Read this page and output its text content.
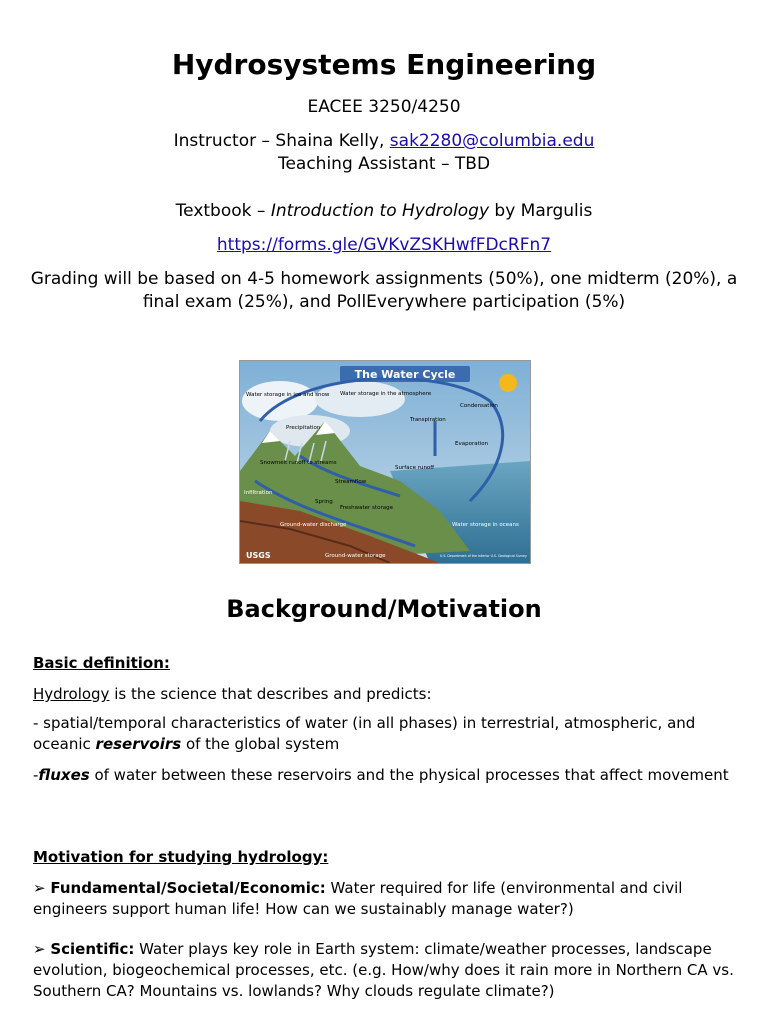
Hydrosystems Engineering
EACEE 3250/4250
Instructor – Shaina Kelly, sak2280@columbia.edu
Teaching Assistant – TBD
Textbook – Introduction to Hydrology by Margulis
https://forms.gle/GVKvZSKHwfFDcRFn7
Grading will be based on 4-5 homework assignments (50%), one midterm (20%), a final exam (25%), and PollEverywhere participation (5%)
The Water Cycle
Water storage in ice and snow Water storage in the atmosphere
Condensation
Transpiration
Precipitation
Evaporation
Snowmelt runoff to streams
Surface runoff
Streamflow
Infiltration
Spring
Freshwater storage
Ground-water discharge	Water storage in oceans
Ground-water storage
USGS	U.S. Department of the Interior U.S. Geological Survey
Background/Motivation
Basic definition:
Hydrology is the science that describes and predicts:
- spatial/temporal characteristics of water (in all phases) in terrestrial, atmospheric, and oceanic reservoirs of the global system
-fluxes of water between these reservoirs and the physical processes that affect movement
Motivation for studying hydrology:
➢ Fundamental/Societal/Economic: Water required for life (environmental and civil engineers support human life! How can we sustainably manage water?)
➢ Scientific: Water plays key role in Earth system: climate/weather processes, landscape evolution, biogeochemical processes, etc. (e.g. How/why does it rain more in Northern CA vs. Southern CA? Mountains vs. lowlands? Why clouds regulate climate?)
